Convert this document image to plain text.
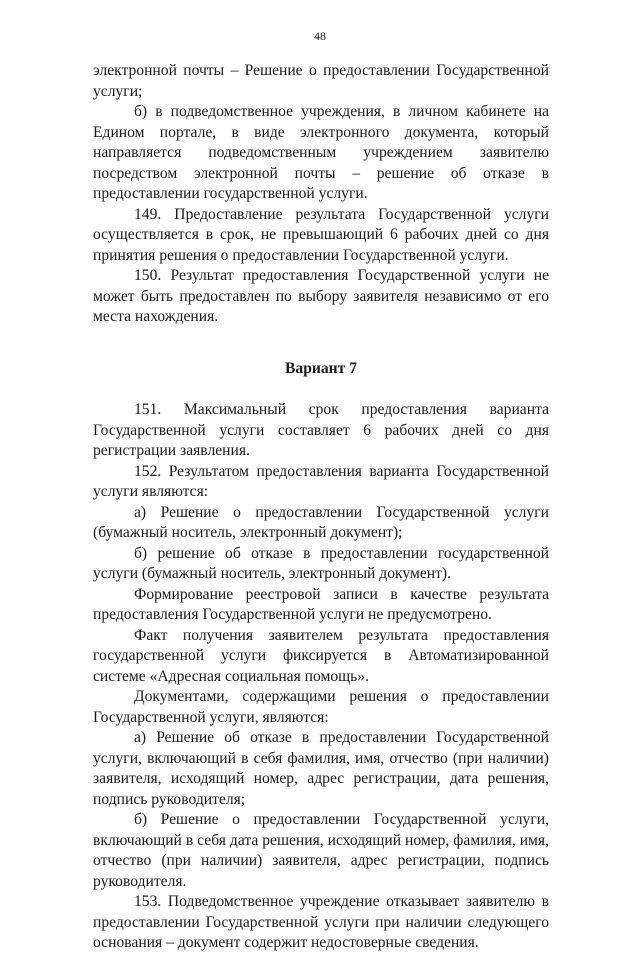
48

электронной почты – Решение о предоставлении Государственной услуги;

б) в подведомственное учреждения, в личном кабинете на Едином портале, в виде электронного документа, который направляется подведомственным учреждением заявителю посредством электронной почты – решение об отказе в предоставлении государственной услуги.

149. Предоставление результата Государственной услуги осуществляется в срок, не превышающий 6 рабочих дней со дня принятия решения о предоставлении Государственной услуги.

150. Результат предоставления Государственной услуги не может быть предоставлен по выбору заявителя независимо от его места нахождения.

Вариант 7

151. Максимальный срок предоставления варианта Государственной услуги составляет 6 рабочих дней со дня регистрации заявления.

152. Результатом предоставления варианта Государственной услуги являются:

а) Решение о предоставлении Государственной услуги (бумажный носитель, электронный документ);

б) решение об отказе в предоставлении государственной услуги (бумажный носитель, электронный документ).

Формирование реестровой записи в качестве результата предоставления Государственной услуги не предусмотрено.

Факт получения заявителем результата предоставления государственной услуги фиксируется в Автоматизированной системе «Адресная социальная помощь».

Документами, содержащими решения о предоставлении Государственной услуги, являются:

а) Решение об отказе в предоставлении Государственной услуги, включающий в себя фамилия, имя, отчество (при наличии) заявителя, исходящий номер, адрес регистрации, дата решения, подпись руководителя;

б) Решение о предоставлении Государственной услуги, включающий в себя дата решения, исходящий номер, фамилия, имя, отчество (при наличии) заявителя, адрес регистрации, подпись руководителя.

153. Подведомственное учреждение отказывает заявителю в предоставлении Государственной услуги при наличии следующего основания – документ содержит недостоверные сведения.
